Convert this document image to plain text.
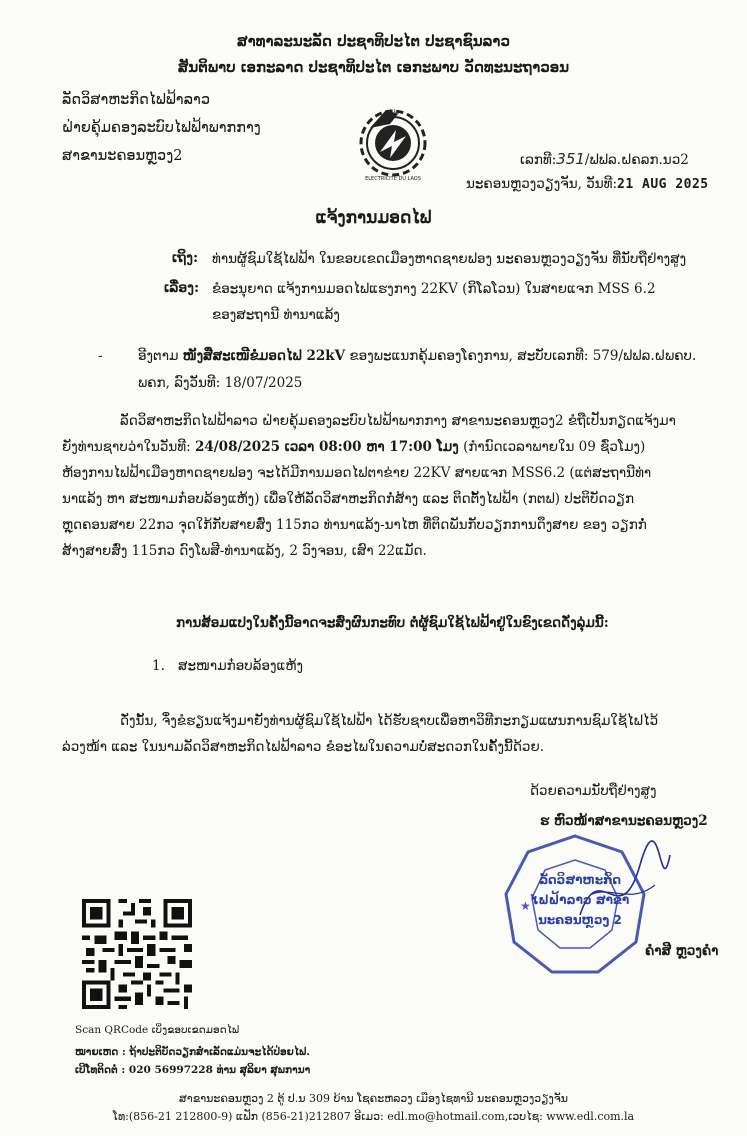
ສາທາລະນະລັດ ປະຊາທິປະໄຕ ປະຊາຊົນລາວ
ສັນຕິພາບ ເອກະລາດ ປະຊາທິປະໄຕ ເອກະພາບ ວັດທະນະຖາວອນ
ລັດວິສາຫະກິດໄຟຟ້າລາວ
ຝ່າຍຄຸ້ມຄອງລະບົບໄຟຟ້າພາກກາງ
ສາຂານະຄອນຫຼວງ2
ຟຟລ
ELECTRICITE DU LAOS
ເລກທີ:351/ຟຟລ.ຝຄລກ.ນວ2
ນະຄອນຫຼວງວຽງຈັນ, ວັນທີ:21 AUG 2025
ແຈ້ງການມອດໄຟ
ເຖິງ: ທ່ານຜູ້ຊົມໃຊ້ໄຟຟ້າ ໃນຂອບເຂດເມືອງຫາດຊາຍຟອງ ນະຄອນຫຼວງວຽງຈັນ ທີ່ນັບຖືຢ່າງສູງ
ເລື່ອງ: ຂໍອະນຸຍາດ ແຈ້ງການມອດໄຟແຮງກາງ 22KV (ກິໂລໂວນ) ໃນສາຍແຈກ MSS 6.2
ຂອງສະຖານີ ທ່ານາແລ້ງ
-	ອີງຕາມ ໜັງສືສະເໜີຂໍມອດໄຟ 22kV ຂອງພະແນກຄຸ້ມຄອງໂຄງການ, ສະບັບເລກທີ: 579/ຟຟລ.ຝພຄບ.
ພຄກ, ລົງວັນທີ: 18/07/2025
ລັດວິສາຫະກິດໄຟຟ້າລາວ ຝ່າຍຄຸ້ມຄອງລະບົບໄຟຟ້າພາກກາງ ສາຂານະຄອນຫຼວງ2 ຂໍຖືເປັນກຽດແຈ້ງມາ
ຍັງທ່ານຊາບວ່າໃນວັນທີ: 24/08/2025 ເວລາ 08:00 ຫາ 17:00 ໂມງ (ກຳນົດເວລາພາຍໃນ 09 ຊົ່ວໂມງ)
ຫ້ອງການໄຟຟ້າເມືອງຫາດຊາຍຟອງ ຈະໄດ້ມີການມອດໄຟຕາຂ່າຍ 22KV ສາຍແຈກ MSS6.2 (ແຕ່ສະຖານີທ່າ
ນາແລ້ງ ຫາ ສະໜາມກ໋ອບລ້ອງແຫ້ງ) ເພື່ອໃຫ້ລັດວິສາຫະກິດກໍ່ສ້າງ ແລະ ຕິດຕັ້ງໄຟຟ້າ (ກຕຟ) ປະຕິບັດວຽກ
ຫຼຸດຄອນສາຍ 22ກວ ຈຸດໃກ້ກັບສາຍສົ່ງ 115ກວ ທ່ານາແລ້ງ-ນາໄຫ ທີ່ຕິດພັນກັບວຽກການດຶງສາຍ ຂອງ ວຽກກໍ່
ສ້າງສາຍສົ່ງ 115ກວ ດົງໂພສີ-ທ່ານາແລ້ງ, 2 ວົງຈອນ, ເສົາ 22ແມັດ.
ການສ້ອມແປງໃນຄັ້ງນີ້ອາດຈະສົ່ງຜົນກະທົບ ຕໍ່ຜູ້ຊົມໃຊ້ໄຟຟ້າຢູ່ໃນຂົງເຂດດັ່ງລຸ່ມນີ້:
1. ສະໜາມກ໋ອບລ້ອງແຫ້ງ
ດັ່ງນັ້ນ, ຈຶ່ງຂໍຮຽນແຈ້ງມາຍັງທ່ານຜູ້ຊົມໃຊ້ໄຟຟ້າ ໄດ້ຮັບຊາບເພື່ອຫາວິທີກະກຽມແຜນການຊົມໃຊ້ໄຟໄວ້
ລ່ວງໜ້າ ແລະ ໃນນາມລັດວິສາຫະກິດໄຟຟ້າລາວ ຂໍອະໄພໃນຄວາມບໍ່ສະດວກໃນຄັ້ງນີ້ດ້ວຍ.
ດ້ວຍຄວາມນັບຖືຢ່າງສູງ
ຮ ຫົວໜ້າສາຂານະຄອນຫຼວງ2
★
ລັດວິສາຫະກິດ
ໄຟຟ້າລາວ ສາຂາ
ນະຄອນຫຼວງ 2
ຄຳສີ ຫຼວງຄຳ
Scan QRCode ເບິ່ງຂອບເຂດມອດໄຟ
ໝາຍເຫດ : ຖ້າປະຕິບັດວຽກສຳເລັດແມ່ນຈະໄດ້ປ່ອຍໄຟ.
ເບີໂທຕິດຕໍ່ : 020 56997228 ທ່ານ ສຸລິຍາ ສຸພການາ
ສາຂານະຄອນຫຼວງ 2 ຕູ້ ປ.ນ 309 ບ້ານ ໂຊຄະຫລວງ ເມືອງໄຊທານີ ນະຄອນຫຼວງວຽງຈັນ
ໂທ:(856-21 212800-9) ແຟັກ (856-21)212807 ອີເມວ: edl.mo@hotmail.com,ເວບໄຊ: www.edl.com.la
